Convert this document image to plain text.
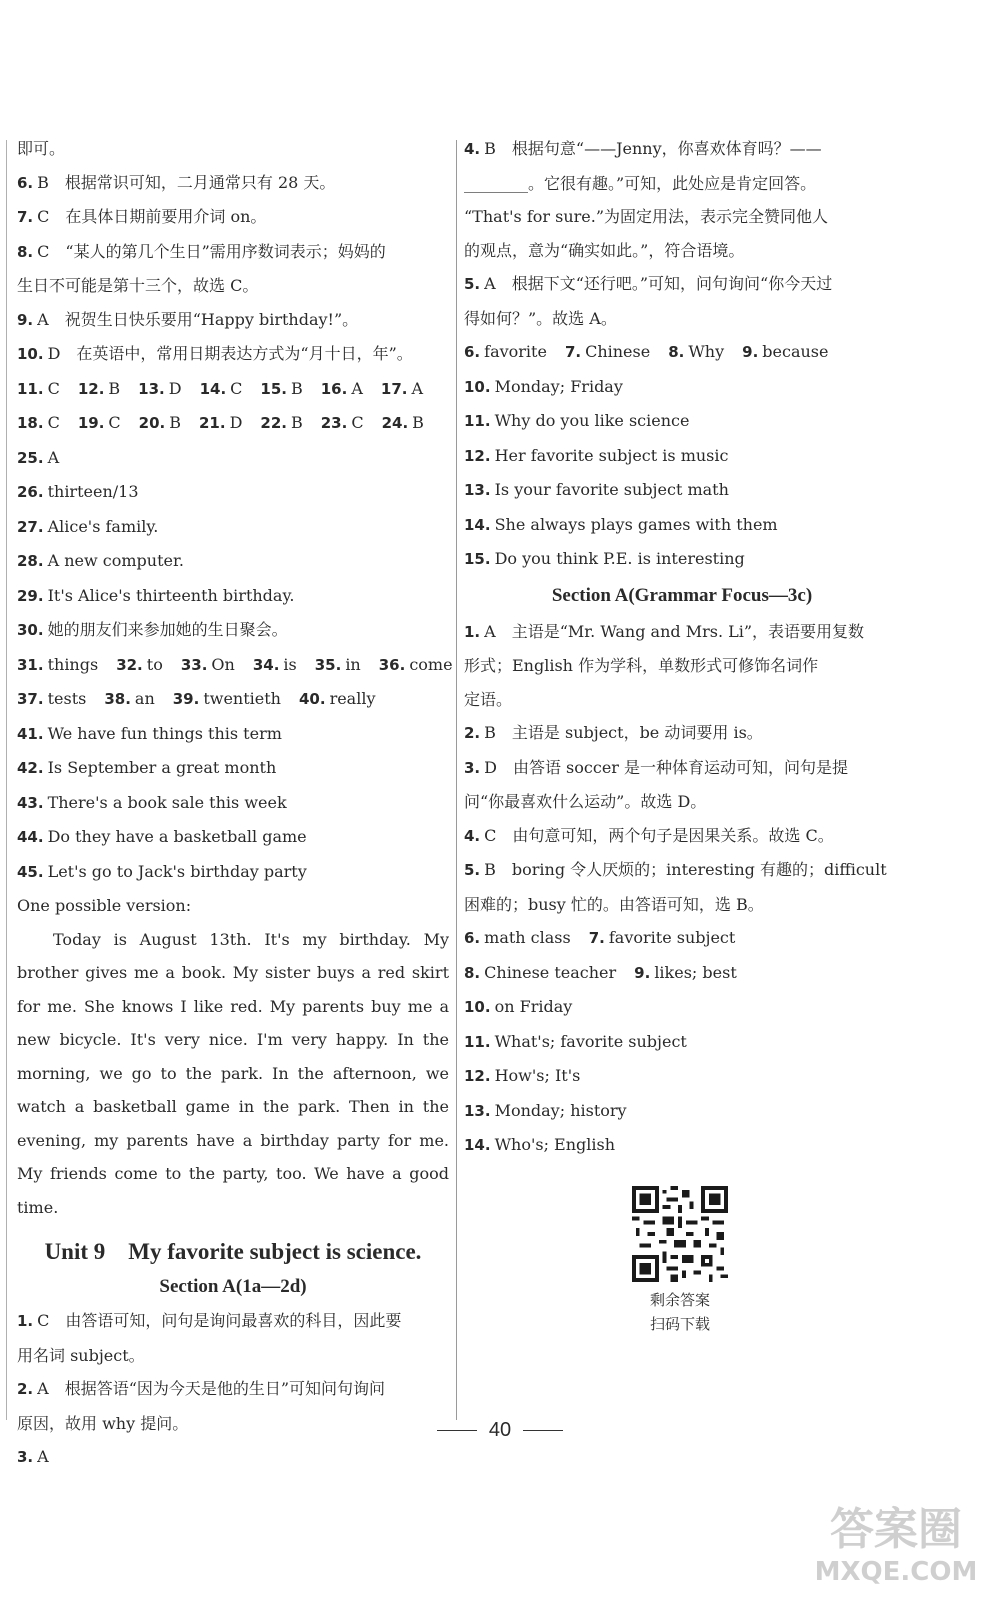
即可。
6. B　根据常识可知，二月通常只有 28 天。
7. C　在具体日期前要用介词 on。
8. C　“某人的第几个生日”需用序数词表示；妈妈的
生日不可能是第十三个，故选 C。
9. A　祝贺生日快乐要用“Happy birthday!”。
10. D　在英语中，常用日期表达方式为“月十日，年”。
11. C 12. B 13. D 14. C 15. B 16. A 17. A
18. C 19. C 20. B 21. D 22. B 23. C 24. B
25. A
26. thirteen/13
27. Alice's family.
28. A new computer.
29. It's Alice's thirteenth birthday.
30. 她的朋友们来参加她的生日聚会。
31. things 32. to 33. On 34. is 35. in 36. come
37. tests 38. an 39. twentieth 40. really
41. We have fun things this term
42. Is September a great month
43. There's a book sale this week
44. Do they have a basketball game
45. Let's go to Jack's birthday party
One possible version:
Today is August 13th. It's my birthday. My brother gives me a book. My sister buys a red skirt for me. She knows I like red. My parents buy me a new bicycle. It's very nice. I'm very happy. In the morning, we go to the park. In the afternoon, we watch a basketball game in the park. Then in the evening, my parents have a birthday party for me. My friends come to the party, too. We have a good time.
Unit 9　My favorite subject is science.
Section A(1a—2d)
1. C　由答语可知，问句是询问最喜欢的科目，因此要
用名词 subject。
2. A　根据答语“因为今天是他的生日”可知问句询问
原因，故用 why 提问。
3. A
4. B　根据句意“——Jenny，你喜欢体育吗？——
________。它很有趣。”可知，此处应是肯定回答。
“That's for sure.”为固定用法，表示完全赞同他人
的观点，意为“确实如此。”，符合语境。
5. A　根据下文“还行吧。”可知，问句询问“你今天过
得如何？”。故选 A。
6. favorite 7. Chinese 8. Why 9. because
10. Monday; Friday
11. Why do you like science
12. Her favorite subject is music
13. Is your favorite subject math
14. She always plays games with them
15. Do you think P.E. is interesting
Section A(Grammar Focus—3c)
1. A　主语是“Mr. Wang and Mrs. Li”，表语要用复数
形式；English 作为学科，单数形式可修饰名词作
定语。
2. B　主语是 subject，be 动词要用 is。
3. D　由答语 soccer 是一种体育运动可知，问句是提
问“你最喜欢什么运动”。故选 D。
4. C　由句意可知，两个句子是因果关系。故选 C。
5. B　boring 令人厌烦的；interesting 有趣的；difficult
困难的；busy 忙的。由答语可知，选 B。
6. math class 7. favorite subject
8. Chinese teacher 9. likes; best
10. on Friday
11. What's; favorite subject
12. How's; It's
13. Monday; history
14. Who's; English
剩余答案
扫码下载
40
答案圈
MXQE.COM
